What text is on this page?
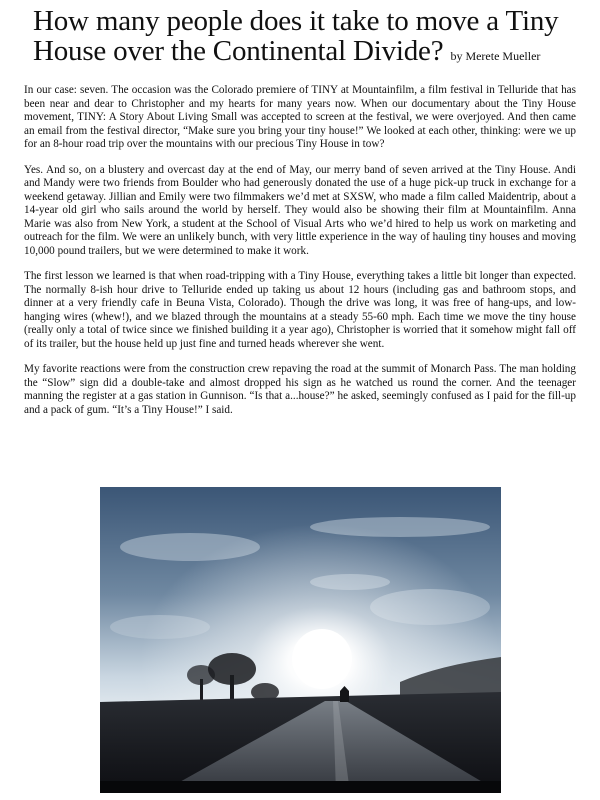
How many people does it take to move a Tiny House over the Continental Divide? by Merete Mueller

In our case: seven. The occasion was the Colorado premiere of TINY at Mountainfilm, a film festival in Telluride that has been near and dear to Christopher and my hearts for many years now. When our documentary about the Tiny House movement, TINY: A Story About Living Small was accepted to screen at the festival, we were overjoyed. And then came an email from the festival director, “Make sure you bring your tiny house!” We looked at each other, thinking: were we up for an 8-hour road trip over the mountains with our precious Tiny House in tow?

Yes. And so, on a blustery and overcast day at the end of May, our merry band of seven arrived at the Tiny House. Andi and Mandy were two friends from Boulder who had generously donated the use of a huge pick-up truck in exchange for a weekend getaway. Jillian and Emily were two filmmakers we’d met at SXSW, who made a film called Maidentrip, about a 14-year old girl who sails around the world by herself. They would also be showing their film at Mountainfilm. Anna Marie was also from New York, a student at the School of Visual Arts who we’d hired to help us work on marketing and outreach for the film. We were an unlikely bunch, with very little experience in the way of hauling tiny houses and moving 10,000 pound trailers, but we were determined to make it work.

The first lesson we learned is that when road-tripping with a Tiny House, everything takes a little bit longer than expected. The normally 8-ish hour drive to Telluride ended up taking us about 12 hours (including gas and bathroom stops, and dinner at a very friendly cafe in Beuna Vista, Colorado). Though the drive was long, it was free of hang-ups, and low-hanging wires (whew!), and we blazed through the mountains at a steady 55-60 mph. Each time we move the tiny house (really only a total of twice since we finished building it a year ago), Christopher is worried that it somehow might fall off of its trailer, but the house held up just fine and turned heads wherever she went.

My favorite reactions were from the construction crew repaving the road at the summit of Monarch Pass. The man holding the “Slow” sign did a double-take and almost dropped his sign as he watched us round the corner. And the teenager manning the register at a gas station in Gunnison. “Is that a...house?” he asked, seemingly confused as I paid for the fill-up and a pack of gum. “It’s a Tiny House!” I said.
